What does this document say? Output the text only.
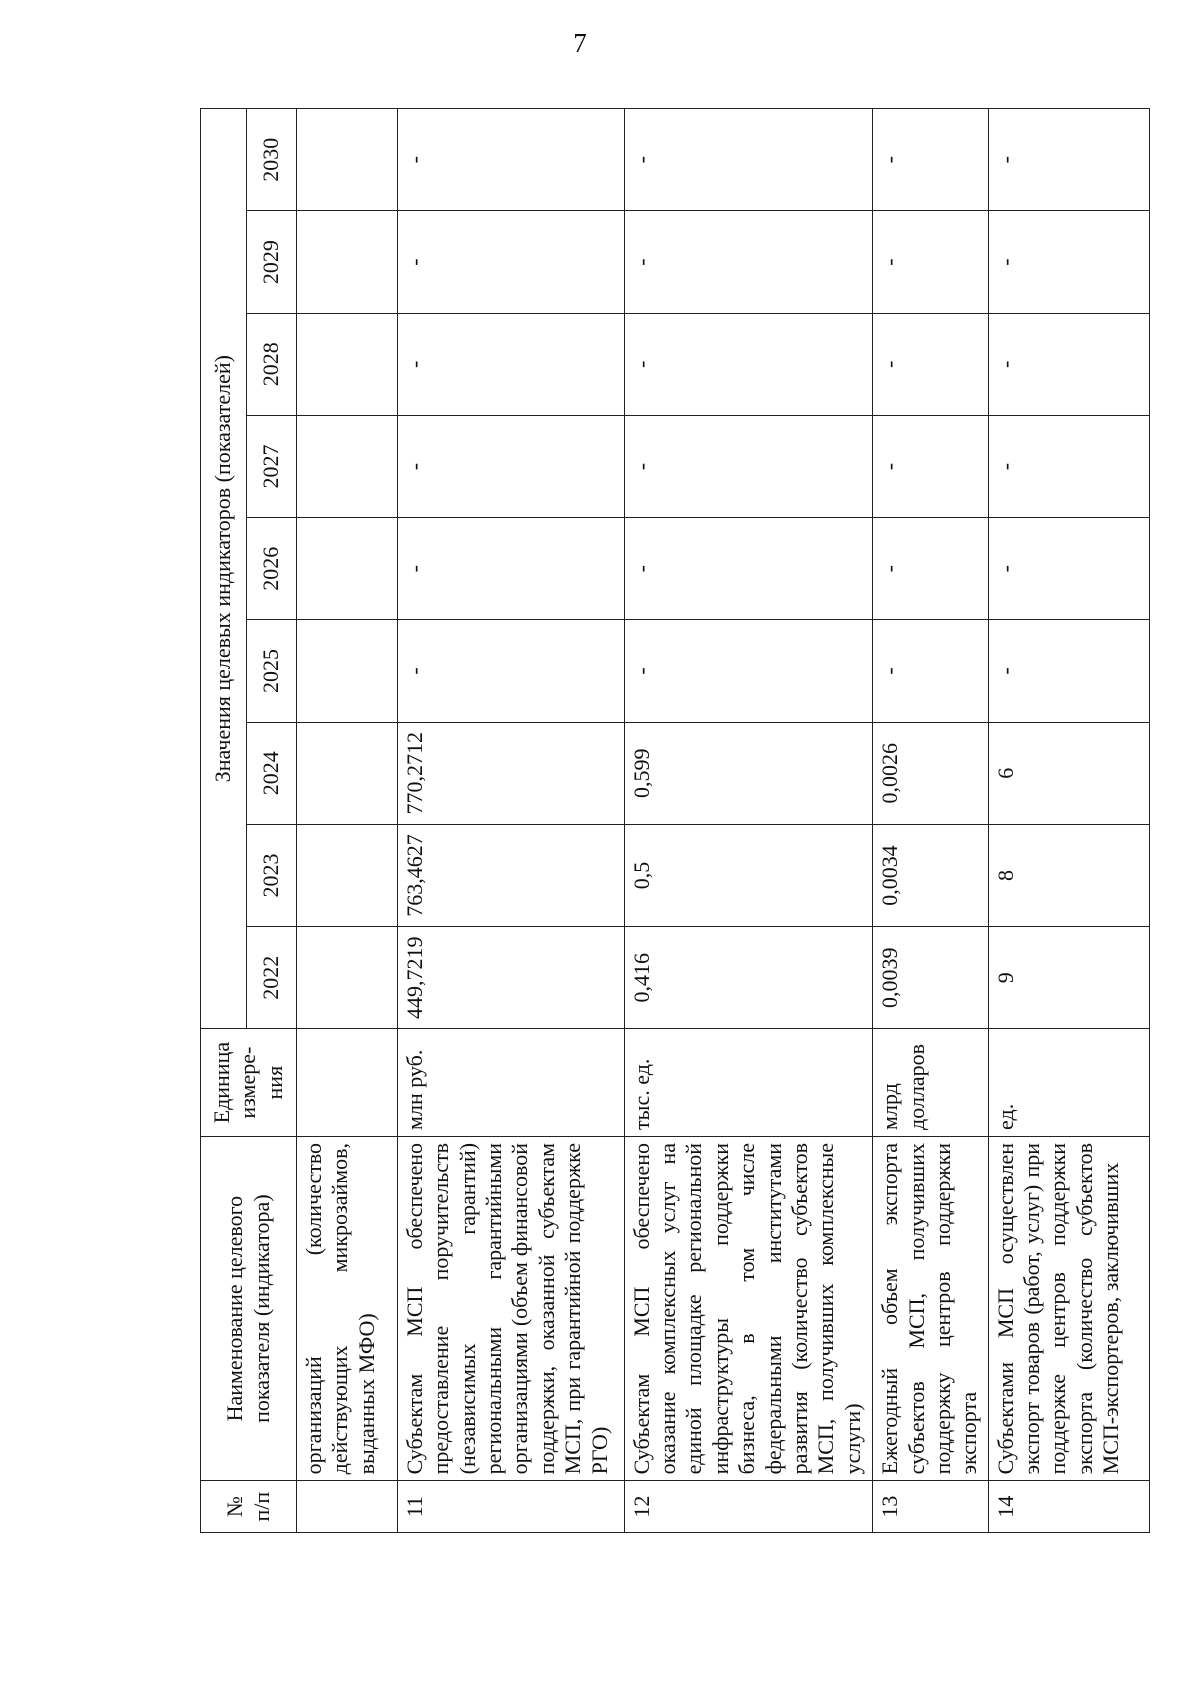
7
№ п/п	Наименование целевого показателя (индикатора)	Единица измере-ния	Значения целевых индикаторов (показателей)								
			2022	2023	2024	2025	2026	2027	2028	2029	2030
	организаций (количество действующих микрозаймов, выданных МФО)										
11	Субъектам МСП обеспечено предоставление поручительств (независимых гарантий) региональными гарантийными организациями (объем финансовой поддержки, оказанной субъектам МСП, при гарантийной поддержке РГО)	млн руб.	449,7219	763,4627	770,2712	-	-	-	-	-	-
12	Субъектам МСП обеспечено оказание комплексных услуг на единой площадке региональной инфраструктуры поддержки бизнеса, в том числе федеральными институтами развития (количество субъектов МСП, получивших комплексные услуги)	тыс. ед.	0,416	0,5	0,599	-	-	-	-	-	-
13	Ежегодный объем экспорта субъектов МСП, получивших поддержку центров поддержки экспорта	млрд долларов	0,0039	0,0034	0,0026	-	-	-	-	-	-
14	Субъектами МСП осуществлен экспорт товаров (работ, услуг) при поддержке центров поддержки экспорта (количество субъектов МСП-экспортеров, заключивших	ед.	9	8	6	-	-	-	-	-	-
